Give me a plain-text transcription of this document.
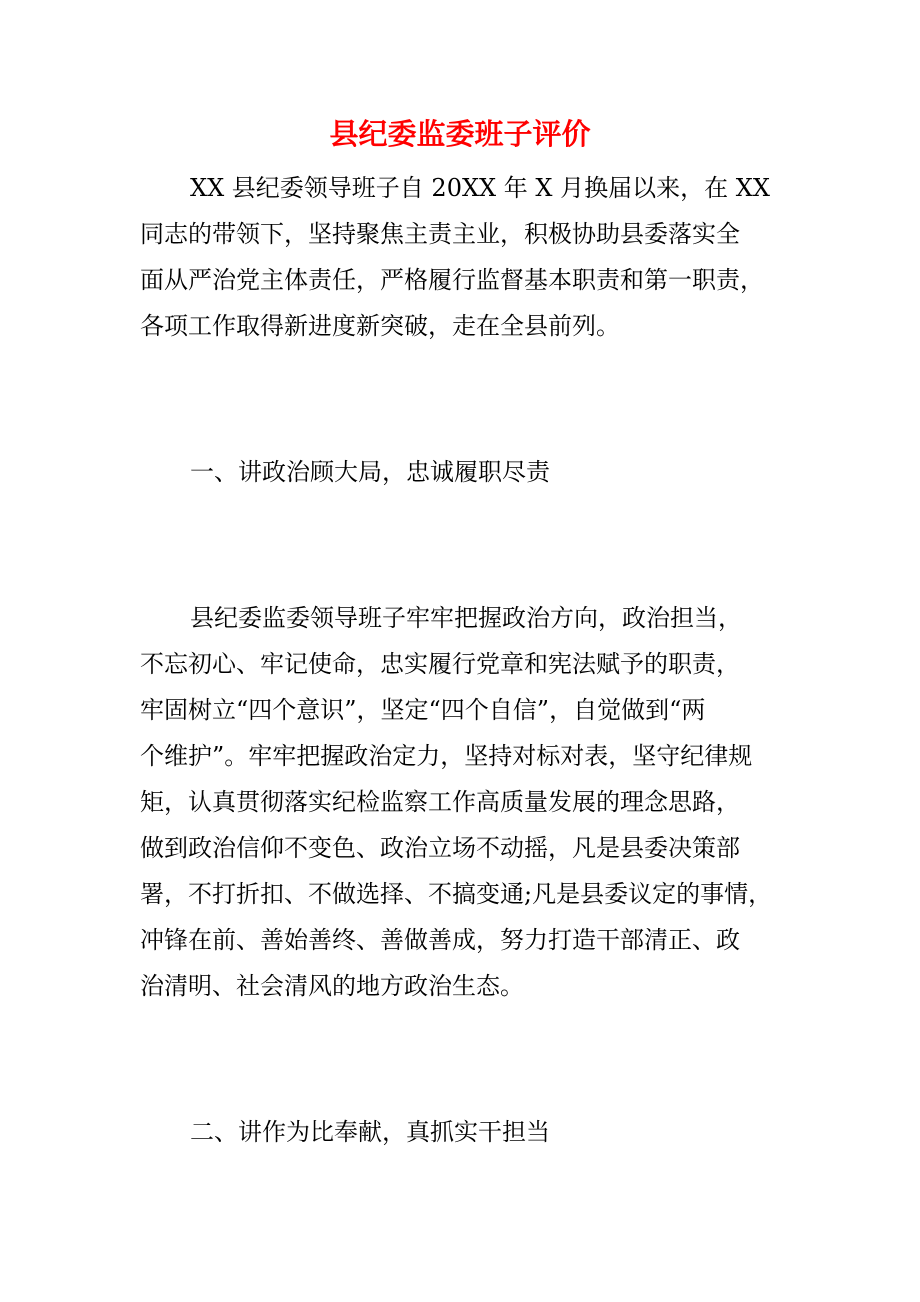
县纪委监委班子评价

XX 县纪委领导班子自 20XX 年 X 月换届以来，在 XX

同志的带领下，坚持聚焦主责主业，积极协助县委落实全

面从严治党主体责任，严格履行监督基本职责和第一职责，

各项工作取得新进度新突破，走在全县前列。

一、讲政治顾大局，忠诚履职尽责

县纪委监委领导班子牢牢把握政治方向，政治担当，

不忘初心、牢记使命，忠实履行党章和宪法赋予的职责，

牢固树立“四个意识”，坚定“四个自信”，自觉做到“两

个维护”。牢牢把握政治定力，坚持对标对表，坚守纪律规

矩，认真贯彻落实纪检监察工作高质量发展的理念思路，

做到政治信仰不变色、政治立场不动摇，凡是县委决策部

署，不打折扣、不做选择、不搞变通;凡是县委议定的事情，

冲锋在前、善始善终、善做善成，努力打造干部清正、政

治清明、社会清风的地方政治生态。

二、讲作为比奉献，真抓实干担当
